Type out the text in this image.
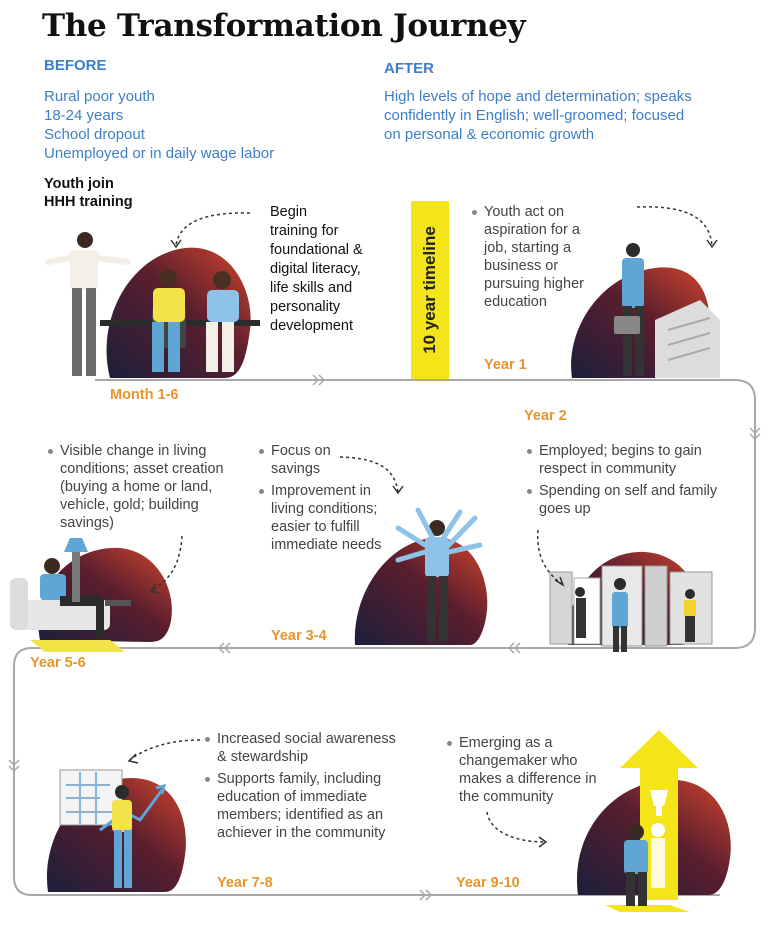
The Transformation Journey
BEFORE
Rural poor youth
18-24 years
School dropout
Unemployed or in daily wage labor
AFTER
High levels of hope and determination; speaks
confidently in English; well-groomed; focused
on personal & economic growth
Youth join
HHH training
Begin
training for
foundational &
digital literacy,
life skills and
personality
development	10 year timeline
Youth act on aspiration for a job, starting a business or pursuing higher education
Month 1-6
Year 1
Year 2
Year 3-4
Year 5-6
Year 7-8	Year 9-10
Employed; begins to gain respect in community
Spending on self and family goes up
Focus on savings
Improvement in living conditions; easier to fulfill immediate needs
Visible change in living conditions; asset creation (buying a home or land, vehicle, gold; building savings)
Increased social awareness & stewardship
Supports family, including education of immediate members; identified as an achiever in the community
Emerging as a changemaker who makes a difference in the community
